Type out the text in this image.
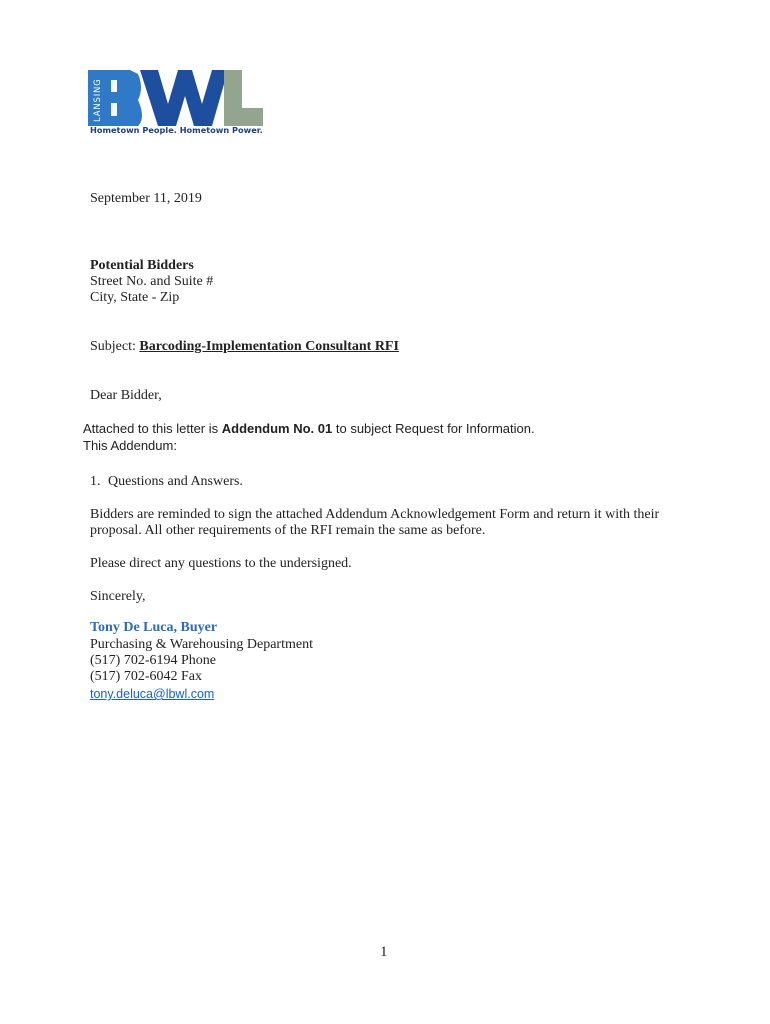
LANSING
Hometown People. Hometown Power.
September 11, 2019
Potential Bidders
Street No. and Suite #
City, State - Zip
Subject: Barcoding-Implementation Consultant RFI
Dear Bidder,
Attached to this letter is Addendum No. 01 to subject Request for Information.
This Addendum:
1. Questions and Answers.
Bidders are reminded to sign the attached Addendum Acknowledgement Form and return it with their
proposal. All other requirements of the RFI remain the same as before.
Please direct any questions to the undersigned.
Sincerely,
Tony De Luca, Buyer
Purchasing & Warehousing Department
(517) 702-6194 Phone
(517) 702-6042 Fax
tony.deluca@lbwl.com
1
